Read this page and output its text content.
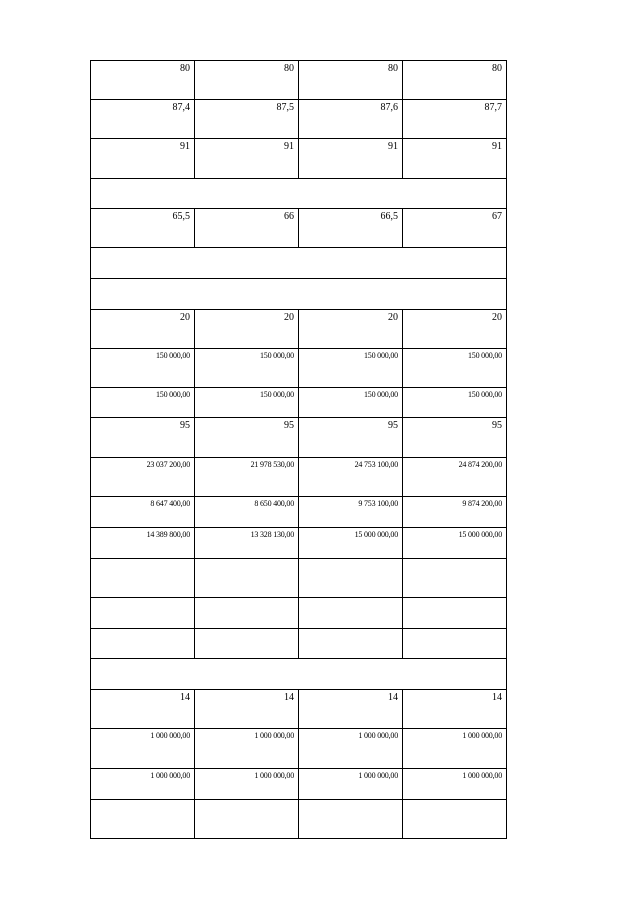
80	80	80	80
87,4	87,5	87,6	87,7
91	91	91	91

65,5	66	66,5	67

20	20	20	20
150 000,00	150 000,00	150 000,00	150 000,00
150 000,00	150 000,00	150 000,00	150 000,00
95	95	95	95
23 037 200,00	21 978 530,00	24 753 100,00	24 874 200,00
8 647 400,00	8 650 400,00	9 753 100,00	9 874 200,00
14 389 800,00	13 328 130,00	15 000 000,00	15 000 000,00

14	14	14	14
1 000 000,00	1 000 000,00	1 000 000,00	1 000 000,00
1 000 000,00	1 000 000,00	1 000 000,00	1 000 000,00
